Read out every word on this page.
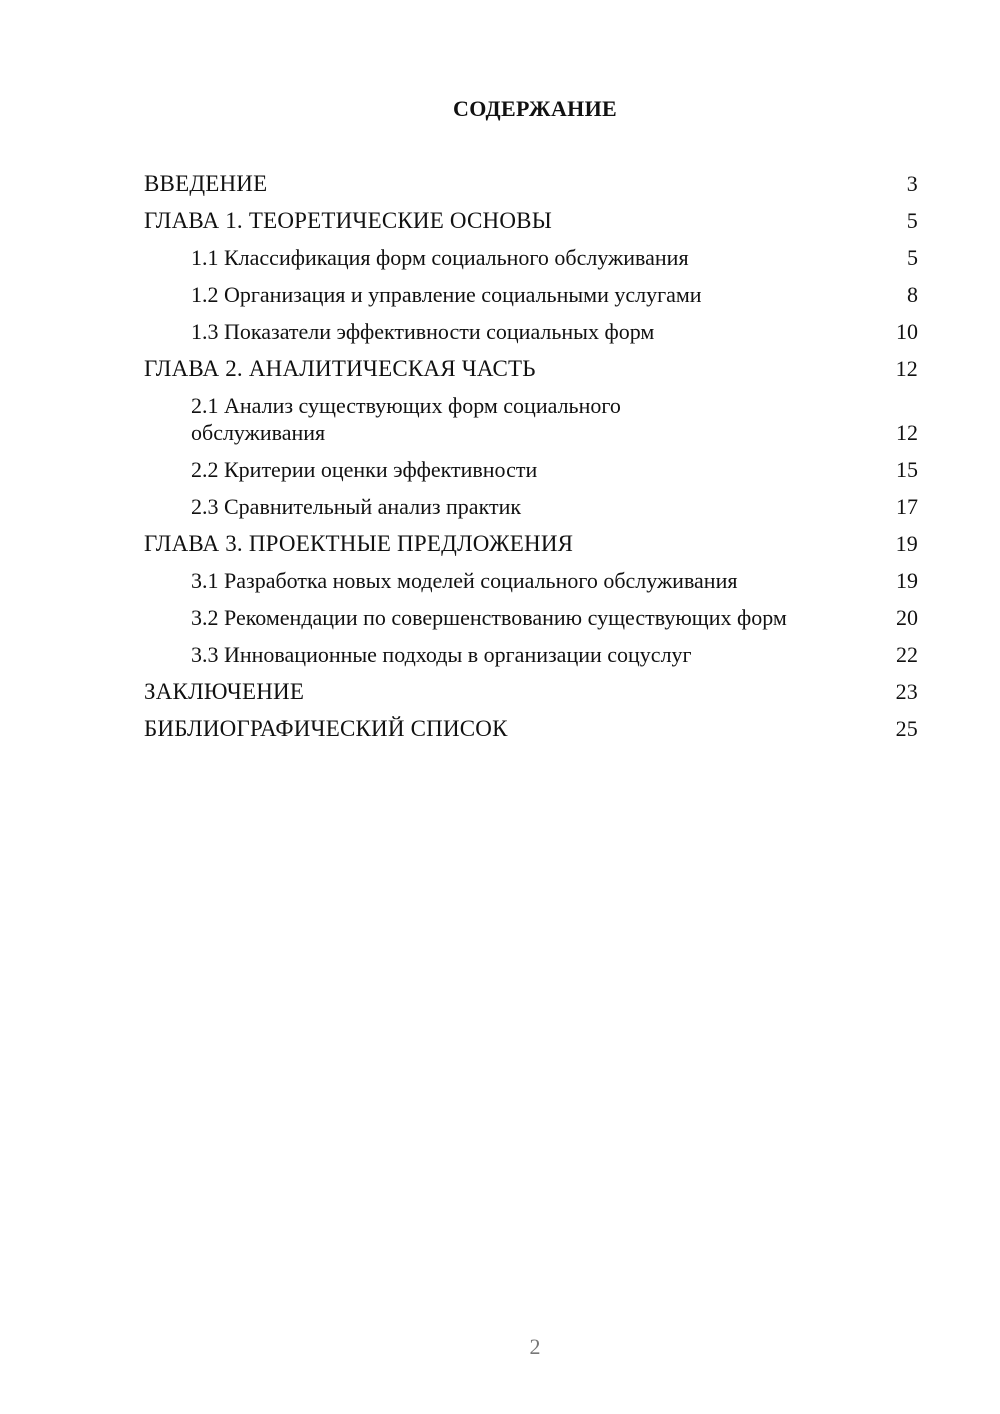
СОДЕРЖАНИЕ
ВВЕДЕНИЕ	3
ГЛАВА 1. ТЕОРЕТИЧЕСКИЕ ОСНОВЫ	5
1.1 Классификация форм социального обслуживания	5
1.2 Организация и управление социальными услугами	8
1.3 Показатели эффективности социальных форм	10
ГЛАВА 2. АНАЛИТИЧЕСКАЯ ЧАСТЬ	12
2.1 Анализ существующих форм социального обслуживания	12
2.2 Критерии оценки эффективности	15
2.3 Сравнительный анализ практик	17
ГЛАВА 3. ПРОЕКТНЫЕ ПРЕДЛОЖЕНИЯ	19
3.1 Разработка новых моделей социального обслуживания	19
3.2 Рекомендации по совершенствованию существующих форм	20
3.3 Инновационные подходы в организации соцуслуг	22
ЗАКЛЮЧЕНИЕ	23
БИБЛИОГРАФИЧЕСКИЙ СПИСОК	25
2
